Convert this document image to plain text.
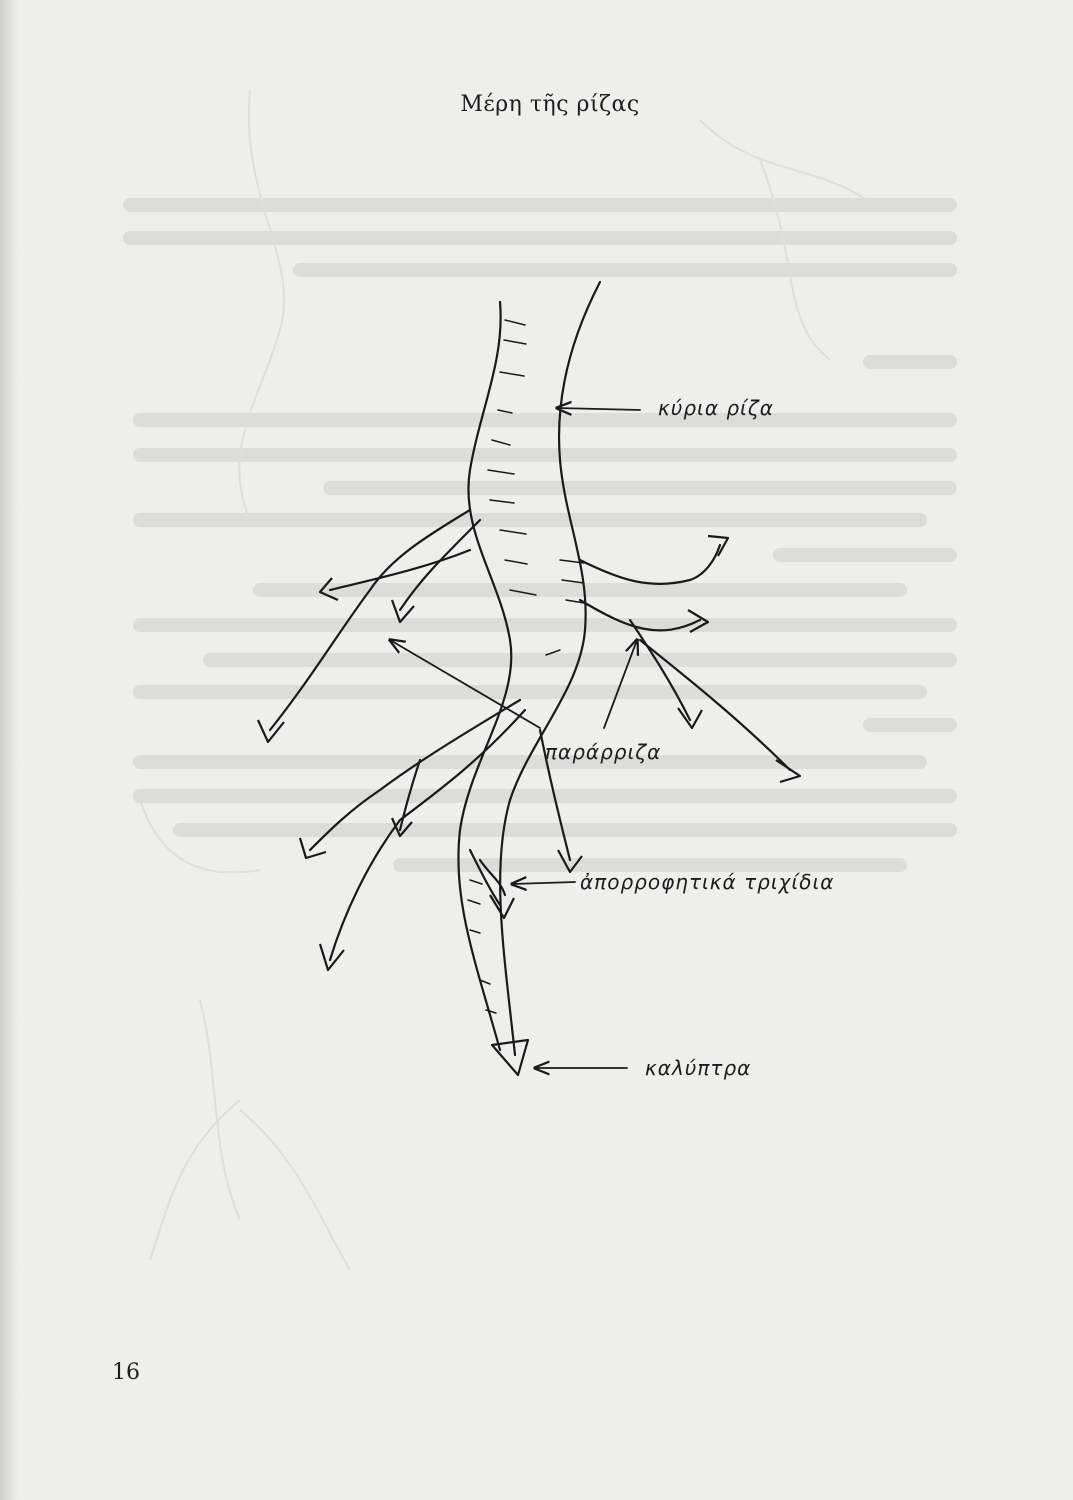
Μέρη τῆς ρίζας
κύρια ρίζα
παράρριζα
ἀπορροφητικά τριχίδια
καλύπτρα
16
